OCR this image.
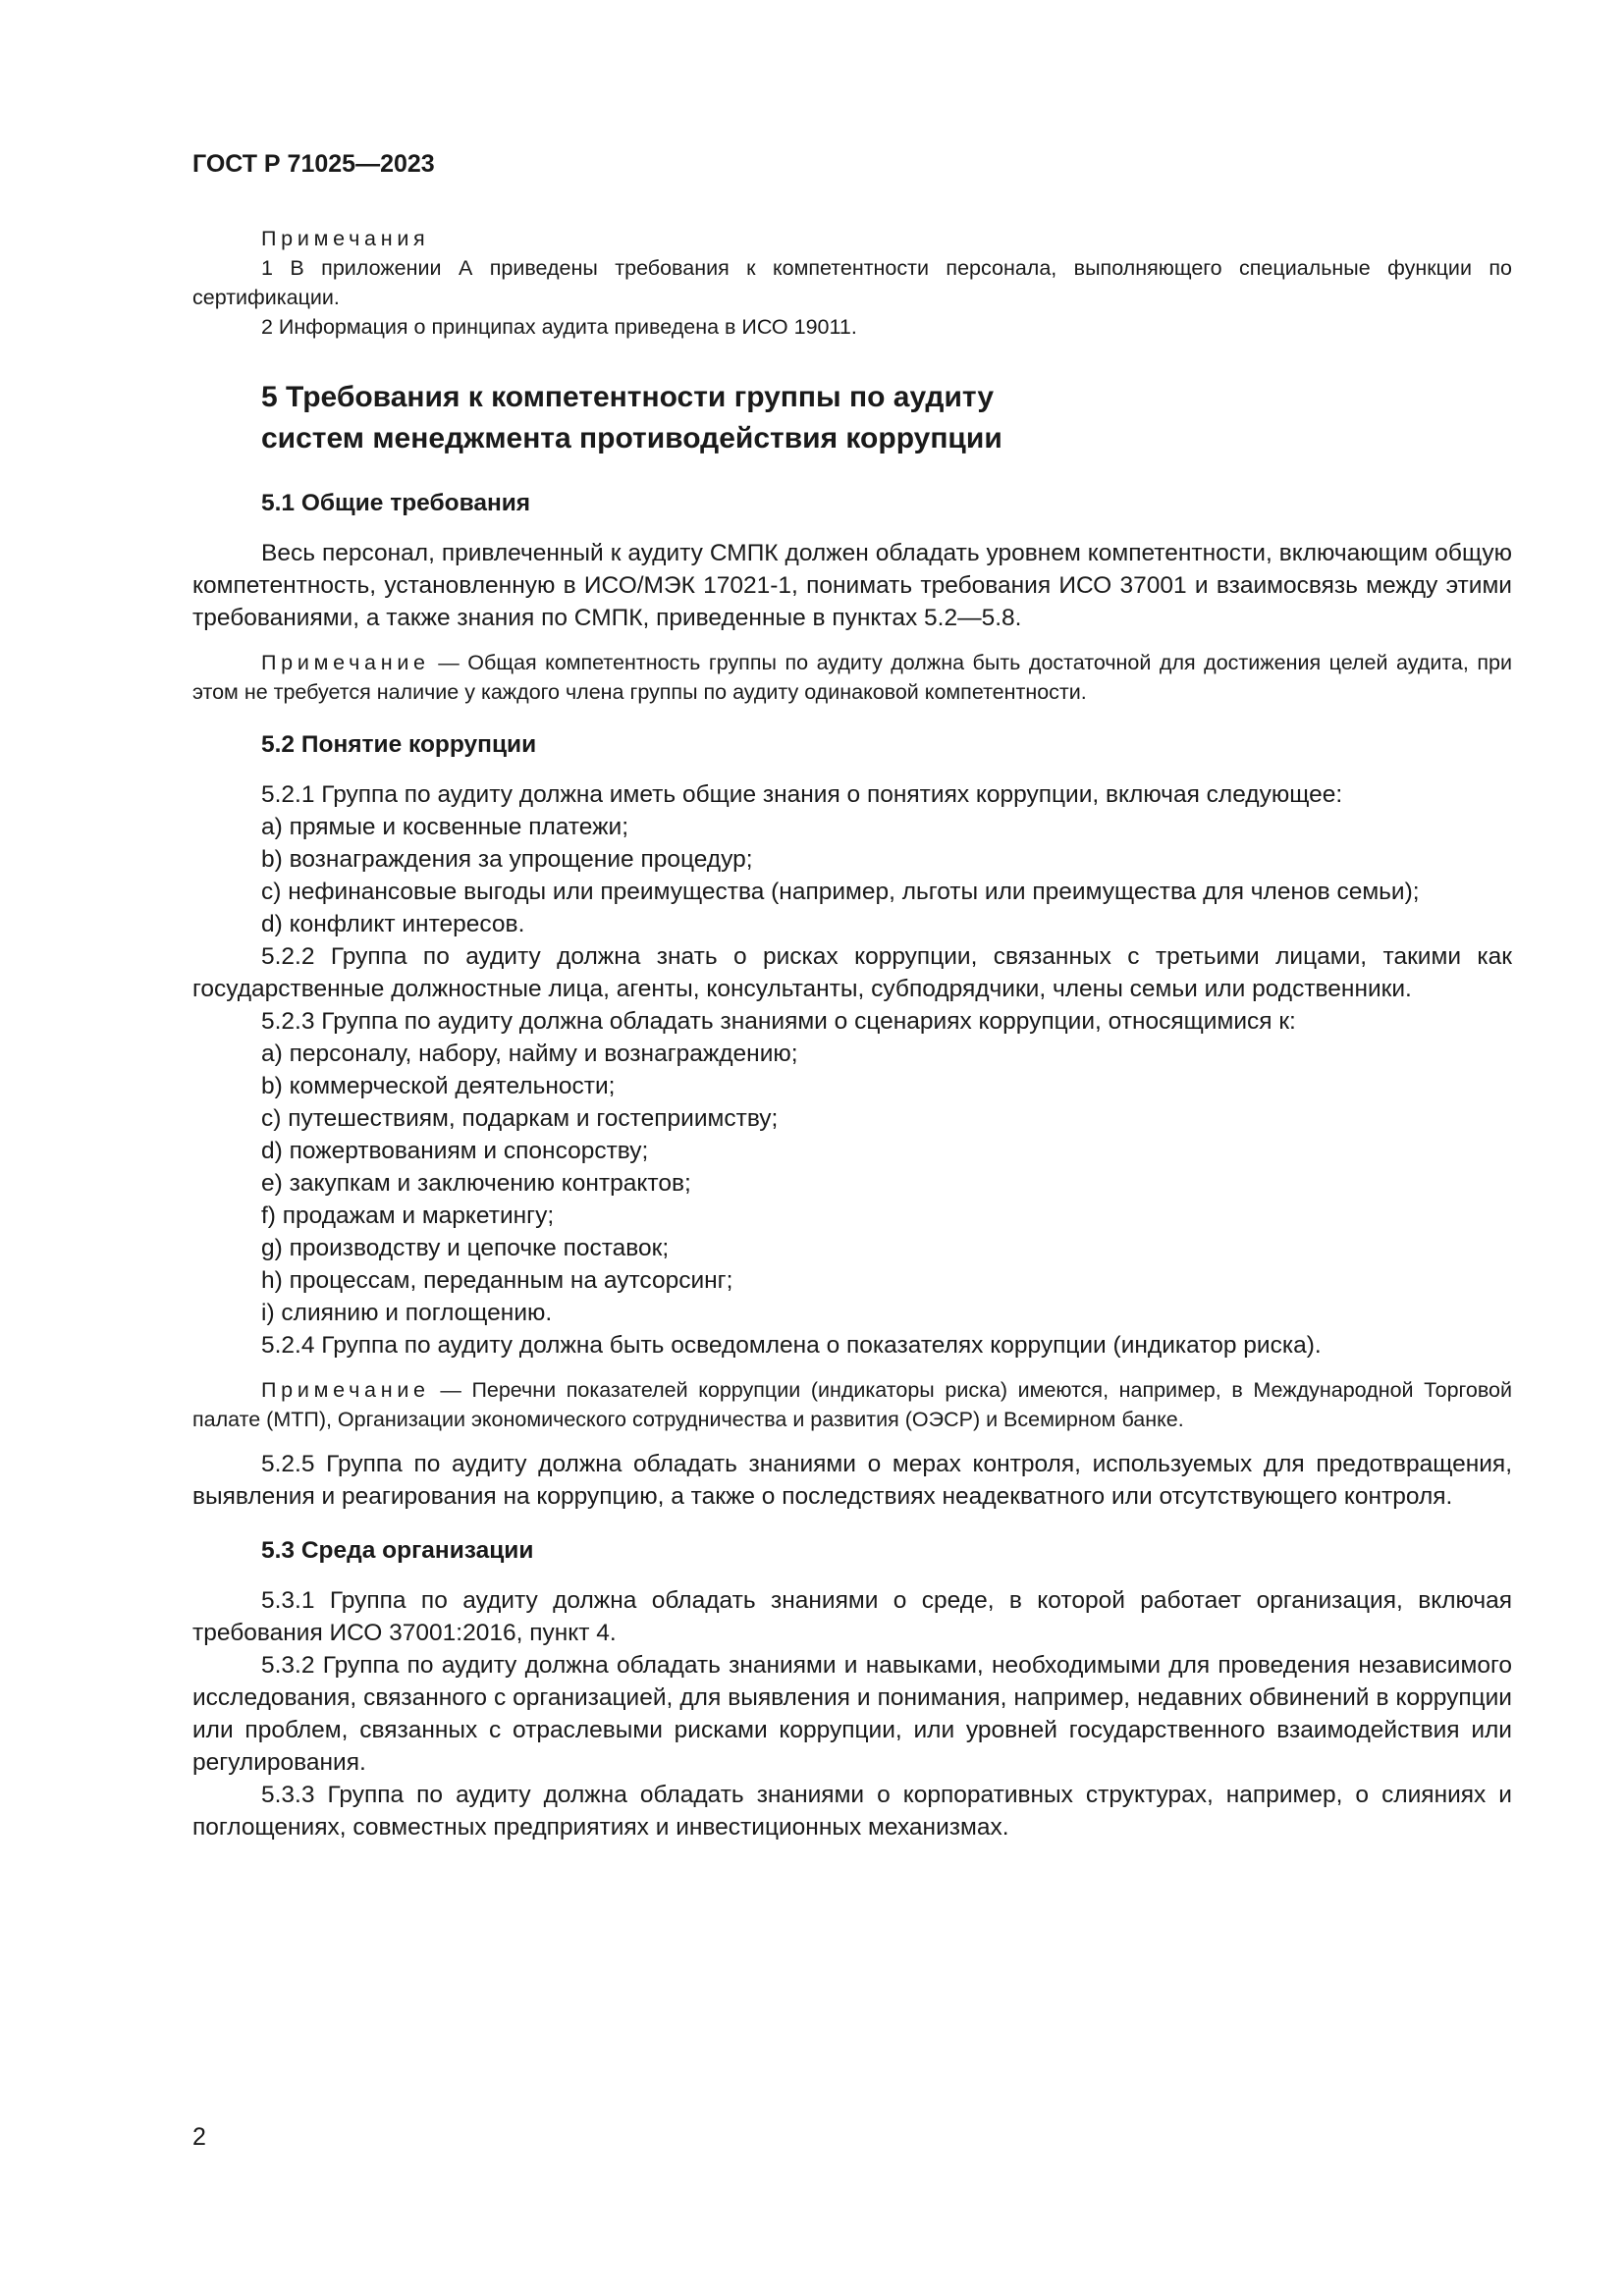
ГОСТ Р 71025—2023

Примечания

1 В приложении А приведены требования к компетентности персонала, выполняющего специальные функции по сертификации.

2 Информация о принципах аудита приведена в ИСО 19011.

5 Требования к компетентности группы по аудиту
систем менеджмента противодействия коррупции
5.1 Общие требования

Весь персонал, привлеченный к аудиту СМПК должен обладать уровнем компетентности, включающим общую компетентность, установленную в ИСО/МЭК 17021-1, понимать требования ИСО 37001 и взаимосвязь между этими требованиями, а также знания по СМПК, приведенные в пунктах 5.2—5.8.

Примечание — Общая компетентность группы по аудиту должна быть достаточной для достижения целей аудита, при этом не требуется наличие у каждого члена группы по аудиту одинаковой компетентности.

5.2 Понятие коррупции

5.2.1 Группа по аудиту должна иметь общие знания о понятиях коррупции, включая следующее:

a) прямые и косвенные платежи;

b) вознаграждения за упрощение процедур;

c) нефинансовые выгоды или преимущества (например, льготы или преимущества для членов семьи);

d) конфликт интересов.

5.2.2 Группа по аудиту должна знать о рисках коррупции, связанных с третьими лицами, такими как государственные должностные лица, агенты, консультанты, субподрядчики, члены семьи или родственники.

5.2.3 Группа по аудиту должна обладать знаниями о сценариях коррупции, относящимися к:

a) персоналу, набору, найму и вознаграждению;

b) коммерческой деятельности;

c) путешествиям, подаркам и гостеприимству;

d) пожертвованиям и спонсорству;

e) закупкам и заключению контрактов;

f) продажам и маркетингу;

g) производству и цепочке поставок;

h) процессам, переданным на аутсорсинг;

i) слиянию и поглощению.

5.2.4 Группа по аудиту должна быть осведомлена о показателях коррупции (индикатор риска).

Примечание — Перечни показателей коррупции (индикаторы риска) имеются, например, в Международной Торговой палате (МТП), Организации экономического сотрудничества и развития (ОЭСР) и Всемирном банке.

5.2.5 Группа по аудиту должна обладать знаниями о мерах контроля, используемых для предотвращения, выявления и реагирования на коррупцию, а также о последствиях неадекватного или отсутствующего контроля.

5.3 Среда организации

5.3.1 Группа по аудиту должна обладать знаниями о среде, в которой работает организация, включая требования ИСО 37001:2016, пункт 4.

5.3.2 Группа по аудиту должна обладать знаниями и навыками, необходимыми для проведения независимого исследования, связанного с организацией, для выявления и понимания, например, недавних обвинений в коррупции или проблем, связанных с отраслевыми рисками коррупции, или уровней государственного взаимодействия или регулирования.

5.3.3 Группа по аудиту должна обладать знаниями о корпоративных структурах, например, о слияниях и поглощениях, совместных предприятиях и инвестиционных механизмах.

2
